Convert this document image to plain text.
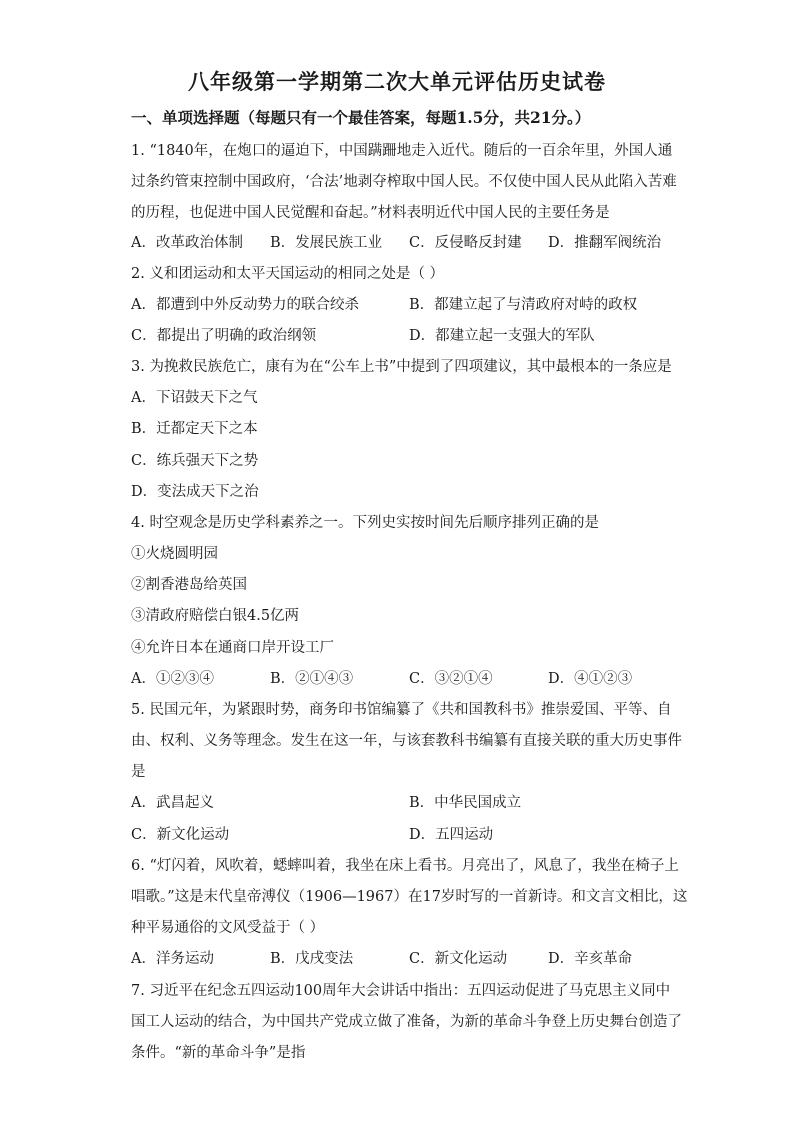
八年级第一学期第二次大单元评估历史试卷
一、单项选择题（每题只有一个最佳答案，每题1.5分，共21分。）
1. “1840年，在炮口的逼迫下，中国蹒跚地走入近代。随后的一百余年里，外国人通
过条约管束控制中国政府，‘合法’地剥夺榨取中国人民。不仅使中国人民从此陷入苦难
的历程，也促进中国人民觉醒和奋起。”材料表明近代中国人民的主要任务是
A．改革政治体制 B．发展民族工业 C．反侵略反封建 D．推翻军阀统治
2. 义和团运动和太平天国运动的相同之处是（ ）
A．都遭到中外反动势力的联合绞杀	B．都建立起了与清政府对峙的政权
C．都提出了明确的政治纲领	D．都建立起一支强大的军队
3. 为挽救民族危亡，康有为在“公车上书”中提到了四项建议，其中最根本的一条应是
A．下诏鼓天下之气
B．迁都定天下之本
C．练兵强天下之势
D．变法成天下之治
4. 时空观念是历史学科素养之一。下列史实按时间先后顺序排列正确的是
①火烧圆明园
②割香港岛给英国
③清政府赔偿白银4.5亿两
④允许日本在通商口岸开设工厂
A．①②③④	B．②①④③	C．③②①④	D．④①②③
5. 民国元年，为紧跟时势，商务印书馆编纂了《共和国教科书》推崇爱国、平等、自
由、权利、义务等理念。发生在这一年，与该套教科书编纂有直接关联的重大历史事件
是
A．武昌起义	B．中华民国成立
C．新文化运动	D．五四运动
6. “灯闪着，风吹着，蟋蟀叫着，我坐在床上看书。月亮出了，风息了，我坐在椅子上
唱歌。”这是末代皇帝溥仪（1906—1967）在17岁时写的一首新诗。和文言文相比，这
种平易通俗的文风受益于（ ）
A．洋务运动	B．戊戌变法	C．新文化运动	D．辛亥革命
7. 习近平在纪念五四运动100周年大会讲话中指出：五四运动促进了马克思主义同中
国工人运动的结合，为中国共产党成立做了准备，为新的革命斗争登上历史舞台创造了
条件。“新的革命斗争”是指
